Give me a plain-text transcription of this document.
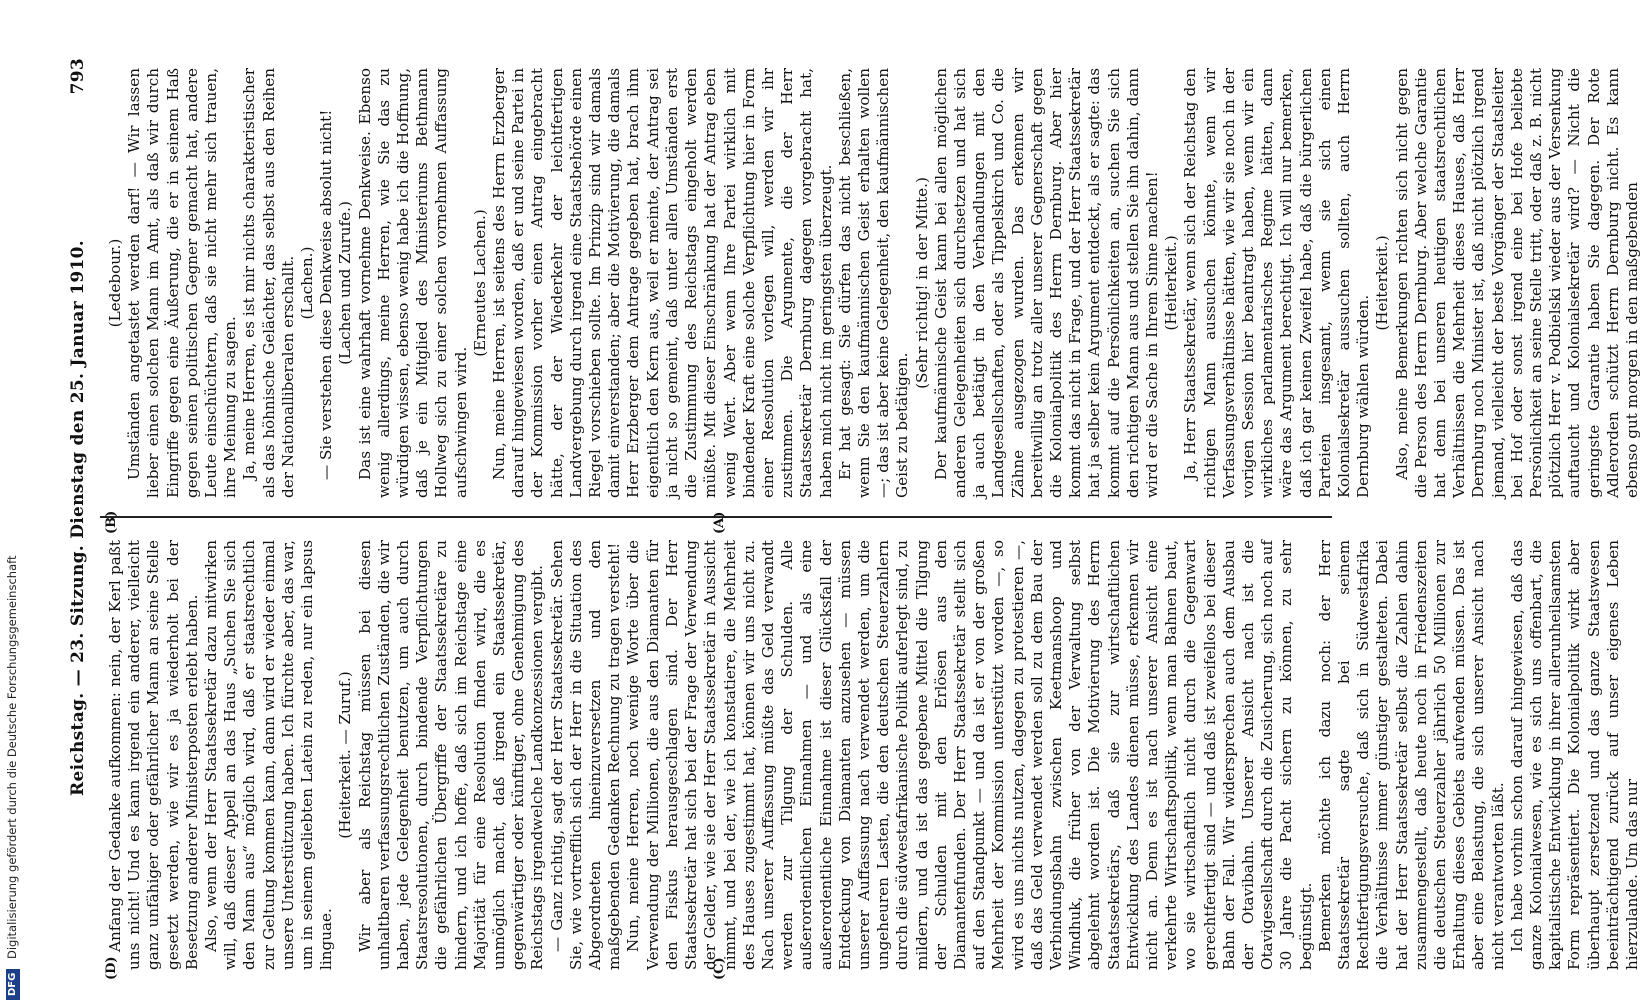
793
Reichstag. — 23. Sitzung. Dienstag den 25. Januar 1910. Anfang der Gedanke aufkommen: nein, der Kerl paßt uns nicht! Und es kann irgend ein anderer, vielleicht ganz unfähiger oder gefährlicher Mann an seine Stelle gesetzt werden, wie wir es ja wiederholt bei der Besetzung anderer Ministerposten erlebt haben. Also, wenn der Herr Staatssekretär dazu mitwirken will, daß dieser Appell an das Haus „Suchen Sie sich den Mann aus“ möglich wird, daß er staatsrechtlich zur Geltung kommen kann, dann wird er wieder einmal unsere Unterstützung haben. Ich fürchte aber, das war, um in seinem geliebten Latein zu reden, nur ein lapsus linguae.

(Heiterkeit. — Zuruf.) Wir aber als Reichstag müssen bei diesen unhaltbaren verfassungsrechtlichen Zuständen, die wir haben, jede Gelegenheit benutzen, um auch durch Staatsresolutionen, durch bindende Verpflichtungen die gefährlichen Übergriffe der Staatssekretäre zu hindern, und ich hoffe, daß sich im Reichstage eine Majorität für eine Resolution finden wird, die es unmöglich macht, daß irgend ein Staatssekretär, gegenwärtiger oder künftiger, ohne Genehmigung des Reichstags irgendwelche Landkonzessionen vergibt. — Ganz richtig, sagt der Herr Staatssekretär. Sehen Sie, wie vortrefflich sich der Herr in die Situation des Abgeordneten hineinzuversetzen und den maßgebenden Gedanken Rechnung zu tragen versteht! Nun, meine Herren, noch wenige Worte über die Verwendung der Millionen, die aus den Diamanten für den Fiskus herausgeschlagen sind. Der Herr Staatssekretär hat sich bei der Frage der Verwendung der Gelder, wie sie der Herr Staatssekretär in Aussicht nimmt, und bei der, wie ich konstatiere, die Mehrheit des Hauses zugestimmt hat, können wir uns nicht zu. Nach unserer Auffassung müßte das Geld verwandt werden zur Tilgung der Schulden. Alle außerordentlichen Einnahmen — und als eine außerordentliche Einnahme ist dieser Glücksfall der Entdeckung von Diamanten anzusehen — müssen unserer Auffassung nach verwendet werden, um die ungeheuren Lasten, die den deutschen Steuerzahlern durch die südwestafrikanische Politik auferlegt sind, zu mildern, und da ist das gegebene Mittel die Tilgung der Schulden mit den Erlösen aus den Diamantenfunden. Der Herr Staatssekretär stellt sich auf den Standpunkt — und da ist er von der großen Mehrheit der Kommission unterstützt worden —, so wird es uns nichts nutzen, dagegen zu protestieren —, daß das Geld verwendet werden soll zu dem Bau der Verbindungsbahn zwischen Keetmanshoop und Windhuk, die früher von der Verwaltung selbst abgelehnt worden ist. Die Motivierung des Herrn Staatssekretärs, daß sie zur wirtschaftlichen Entwicklung des Landes dienen müsse, erkennen wir nicht an. Denn es ist nach unserer Ansicht eine verkehrte Wirtschaftspolitik, wenn man Bahnen baut, wo sie wirtschaftlich nicht durch die Gegenwart gerechtfertigt sind — und daß ist zweifellos bei dieser Bahn der Fall. Wir widersprechen auch dem Ausbau der Otavibahn. Unserer Ansicht nach ist die Otavigesellschaft durch die Zusicherung, sich noch auf 30 Jahre die Pacht sichern zu können, zu sehr begünstigt. Bemerken möchte ich dazu noch: der Herr Staatssekretär sagte bei seinem Rechtfertigungsversuche, daß sich in Südwestafrika die Verhältnisse immer günstiger gestalteten. Dabei hat der Herr Staatssekretär selbst die Zahlen dahin zusammengestellt, daß heute noch in Friedenszeiten die deutschen Steuerzahler jährlich 50 Millionen zur Erhaltung dieses Gebiets aufwenden müssen. Das ist aber eine Belastung, die sich unserer Ansicht nach nicht verantworten läßt. Ich habe vorhin schon darauf hingewiesen, daß das ganze Kolonialwesen, wie es sich uns offenbart, die kapitalistische Entwicklung in ihrer allerunheilsamsten Form repräsentiert. Die Kolonialpolitik wirkt aber überhaupt zersetzend und das ganze Staatswesen beeinträchtigend zurück auf unser eigenes Leben hierzulande. Um das nur

(Ledebour.) Umständen angetastet werden darf! — Wir lassen lieber einen solchen Mann im Amt, als daß wir durch Eingriffe gegen eine Äußerung, die er in seinem Haß gegen seinen politischen Gegner gemacht hat, andere Leute einschüchtern, daß sie nicht mehr sich trauen, ihre Meinung zu sagen. Ja, meine Herren, es ist mir nichts charakteristischer als das höhnische Gelächter, das selbst aus den Reihen der Nationalliberalen erschallt. (Lachen.) — Sie verstehen diese Denkweise absolut nicht! (Lachen und Zurufe.) Das ist eine wahrhaft vornehme Denkweise. Ebenso wenig allerdings, meine Herren, wie Sie das zu würdigen wissen, ebenso wenig habe ich die Hoffnung, daß je ein Mitglied des Ministeriums Bethmann Hollweg sich zu einer solchen vornehmen Auffassung aufschwingen wird.

(Erneutes Lachen.) Nun, meine Herren, ist seitens des Herrn Erzberger darauf hingewiesen worden, daß er und seine Partei in der Kommission vorher einen Antrag eingebracht hätte, der der Wiederkehr der leichtfertigen Landvergebung durch irgend eine Staatsbehörde einen Riegel vorschieben sollte. Im Prinzip sind wir damals damit einverstanden; aber die Motivierung, die damals Herr Erzberger dem Antrage gegeben hat, brach ihm eigentlich den Kern aus, weil er meinte, der Antrag sei ja nicht so gemeint, daß unter allen Umständen erst die Zustimmung des Reichstags eingeholt werden müßte. Mit dieser Einschränkung hat der Antrag eben wenig Wert. Aber wenn Ihre Partei wirklich mit bindender Kraft eine solche Verpflichtung hier in Form einer Resolution vorlegen will, werden wir ihr zustimmen. Die Argumente, die der Herr Staatssekretär Dernburg dagegen vorgebracht hat, haben mich nicht im geringsten überzeugt. Er hat gesagt: Sie dürfen das nicht beschließen, wenn Sie den kaufmännischen Geist erhalten wollen —; das ist aber keine Gelegenheit, den kaufmännischen Geist zu betätigen.

(Sehr richtig! in der Mitte.) Der kaufmännische Geist kann bei allen möglichen anderen Gelegenheiten sich durchsetzen und hat sich ja auch betätigt in den Verhandlungen mit den Landgesellschaften, oder als Tippelskirch und Co. die Zähne ausgezogen wurden. Das erkennen wir bereitwillig an trotz aller unserer Gegnerschaft gegen die Kolonialpolitik des Herrn Dernburg. Aber hier kommt das nicht in Frage, und der Herr Staatssekretär hat ja selber kein Argument entdeckt, als er sagte: das kommt auf die Persönlichkeiten an, suchen Sie sich den richtigen Mann aus und stellen Sie ihn dahin, dann wird er die Sache in Ihrem Sinne machen! (Heiterkeit.) Ja, Herr Staatssekretär, wenn sich der Reichstag den richtigen Mann aussuchen könnte, wenn wir Verfassungsverhältnisse hätten, wie wir sie noch in der vorigen Session hier beantragt haben, wenn wir ein wirkliches parlamentarisches Regime hätten, dann wäre das Argument berechtigt. Ich will nur bemerken, daß ich gar keinen Zweifel habe, daß die bürgerlichen Parteien insgesamt, wenn sie sich einen Kolonialsekretär aussuchen sollten, auch Herrn Dernburg wählen würden.

(Heiterkeit.) Also, meine Bemerkungen richten sich nicht gegen die Person des Herrn Dernburg. Aber welche Garantie hat denn bei unseren heutigen staatsrechtlichen Verhältnissen die Mehrheit dieses Hauses, daß Herr Dernburg noch Minister ist, daß nicht plötzlich irgend jemand, vielleicht der beste Vorgänger der Staatsleiter bei Hof oder sonst irgend eine bei Hofe beliebte Persönlichkeit an seine Stelle tritt, oder daß z. B. nicht plötzlich Herr v. Podbielski wieder aus der Versenkung auftaucht und Kolonialsekretär wird? — Nicht die geringste Garantie haben Sie dagegen. Der Rote Adlerorden schützt Herrn Dernburg nicht. Es kann ebenso gut morgen in den maßgebenden

(D)	(C)
(B)	(A)
DFG Digitalisierung gefördert durch die Deutsche Forschungsgemeinschaft
